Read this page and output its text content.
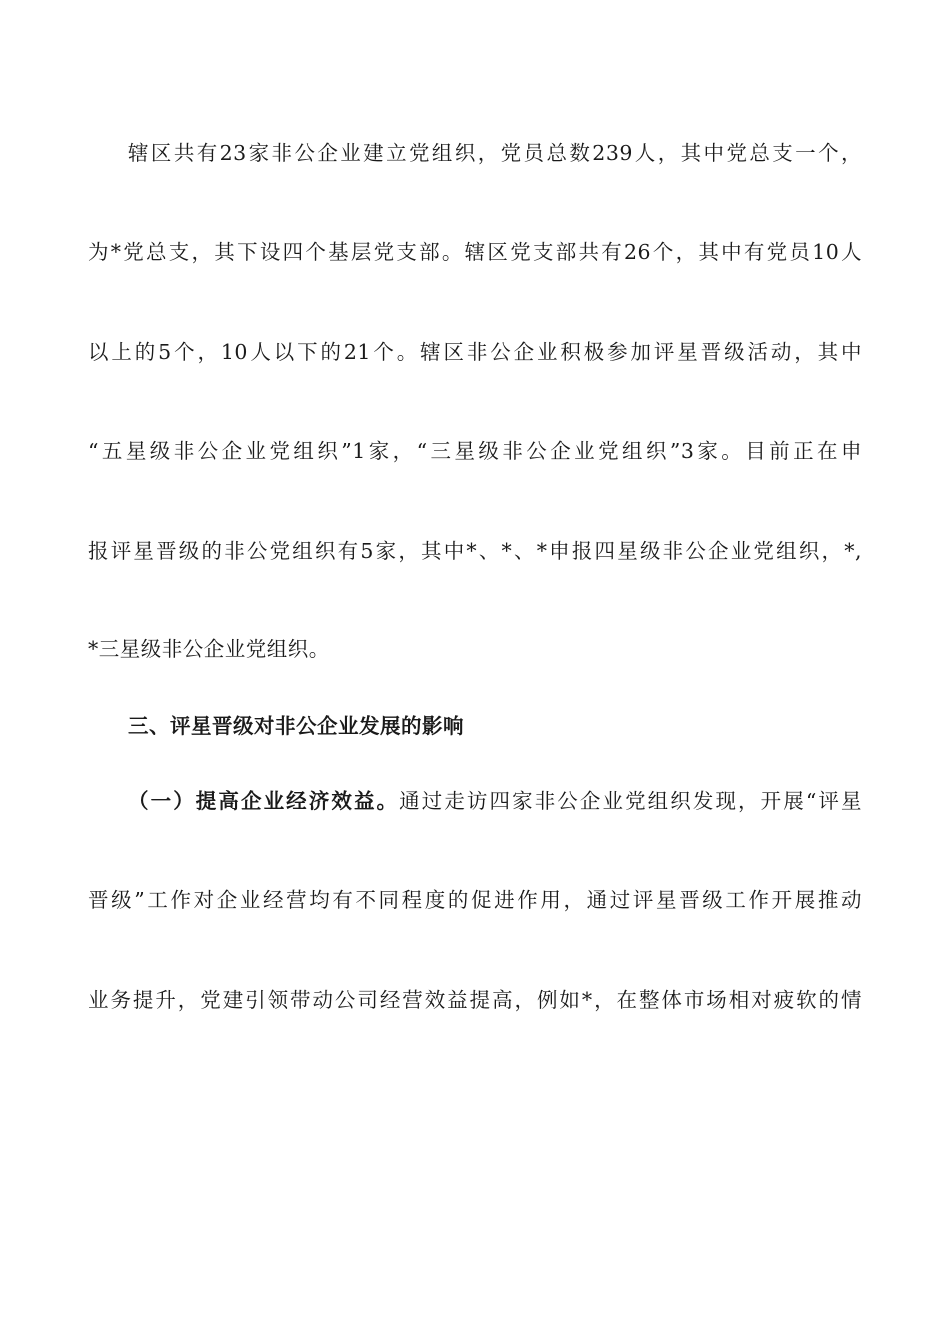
辖区共有23家非公企业建立党组织，党员总数239人，其中党总支一个，
为*党总支，其下设四个基层党支部。辖区党支部共有26个，其中有党员10人
以上的5个，10人以下的21个。辖区非公企业积极参加评星晋级活动，其中
“五星级非公企业党组织”1家，“三星级非公企业党组织”3家。目前正在申
报评星晋级的非公党组织有5家，其中*、*、*申报四星级非公企业党组织，*,
*三星级非公企业党组织。
三、评星晋级对非公企业发展的影响
（一）提高企业经济效益。通过走访四家非公企业党组织发现，开展“评星
晋级”工作对企业经营均有不同程度的促进作用，通过评星晋级工作开展推动
业务提升，党建引领带动公司经营效益提高，例如*，在整体市场相对疲软的情
